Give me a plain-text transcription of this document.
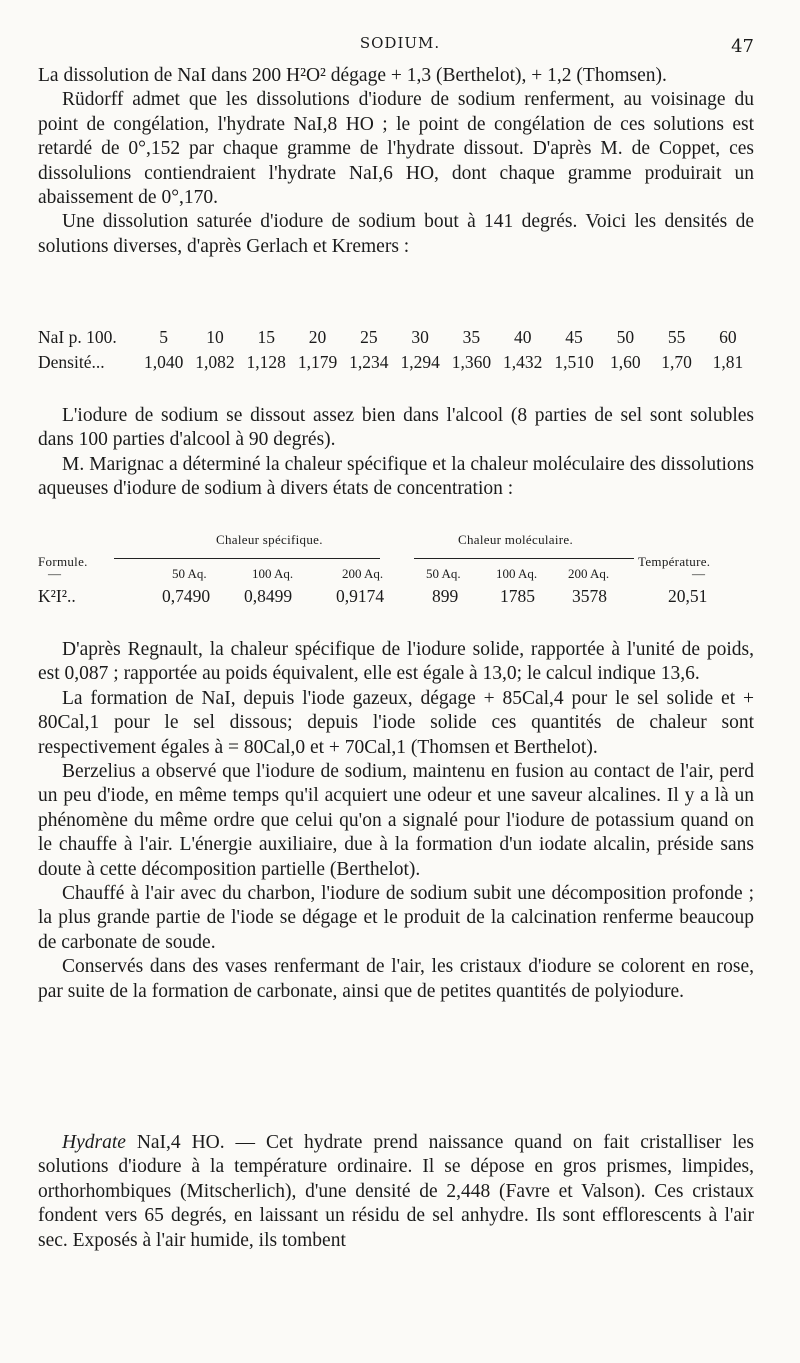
SODIUM.	47

La dissolution de NaI dans 200 H²O² dégage + 1,3 (Berthelot), + 1,2 (Thomsen).

Rüdorff admet que les dissolutions d'iodure de sodium renferment, au voisinage du point de congélation, l'hydrate NaI,8 HO ; le point de congélation de ces solutions est retardé de 0°,152 par chaque gramme de l'hydrate dissout. D'après M. de Coppet, ces dissolulions contiendraient l'hydrate NaI,6 HO, dont chaque gramme produirait un abaissement de 0°,170.

Une dissolution saturée d'iodure de sodium bout à 141 degrés. Voici les densités de solutions diverses, d'après Gerlach et Kremers :

NaI p. 100.	5	10	15	20	25	30	35	40	45	50	55	60
Densité...	1,040 1,082 1,128 1,179 1,234 1,294 1,360 1,432 1,510 1,60	1,70	1,81

L'iodure de sodium se dissout assez bien dans l'alcool (8 parties de sel sont solubles dans 100 parties d'alcool à 90 degrés).

M. Marignac a déterminé la chaleur spécifique et la chaleur moléculaire des dissolutions aqueuses d'iodure de sodium à divers états de concentration :

Chaleur spécifique.	Chaleur moléculaire.
Formule.	Température.
—	50 Aq.	100 Aq.	200 Aq.	50 Aq.	100 Aq. 200 Aq.	—
K²I²..	0,7490 0,8499	0,9174	899 1785 3578	20,51

D'après Regnault, la chaleur spécifique de l'iodure solide, rapportée à l'unité de poids, est 0,087 ; rapportée au poids équivalent, elle est égale à 13,0; le calcul indique 13,6.

La formation de NaI, depuis l'iode gazeux, dégage + 85Cal,4 pour le sel solide et + 80Cal,1 pour le sel dissous; depuis l'iode solide ces quantités de chaleur sont respectivement égales à = 80Cal,0 et + 70Cal,1 (Thomsen et Berthelot).

Berzelius a observé que l'iodure de sodium, maintenu en fusion au contact de l'air, perd un peu d'iode, en même temps qu'il acquiert une odeur et une saveur alcalines. Il y a là un phénomène du même ordre que celui qu'on a signalé pour l'iodure de potassium quand on le chauffe à l'air. L'énergie auxiliaire, due à la formation d'un iodate alcalin, préside sans doute à cette décomposition partielle (Berthelot).

Chauffé à l'air avec du charbon, l'iodure de sodium subit une décomposition profonde ; la plus grande partie de l'iode se dégage et le produit de la calcination renferme beaucoup de carbonate de soude.

Conservés dans des vases renfermant de l'air, les cristaux d'iodure se colorent en rose, par suite de la formation de carbonate, ainsi que de petites quantités de polyiodure.

Hydrate NaI,4 HO. — Cet hydrate prend naissance quand on fait cristalliser les solutions d'iodure à la température ordinaire. Il se dépose en gros prismes, limpides, orthorhombiques (Mitscherlich), d'une densité de 2,448 (Favre et Valson). Ces cristaux fondent vers 65 degrés, en laissant un résidu de sel anhydre. Ils sont efflorescents à l'air sec. Exposés à l'air humide, ils tombent
